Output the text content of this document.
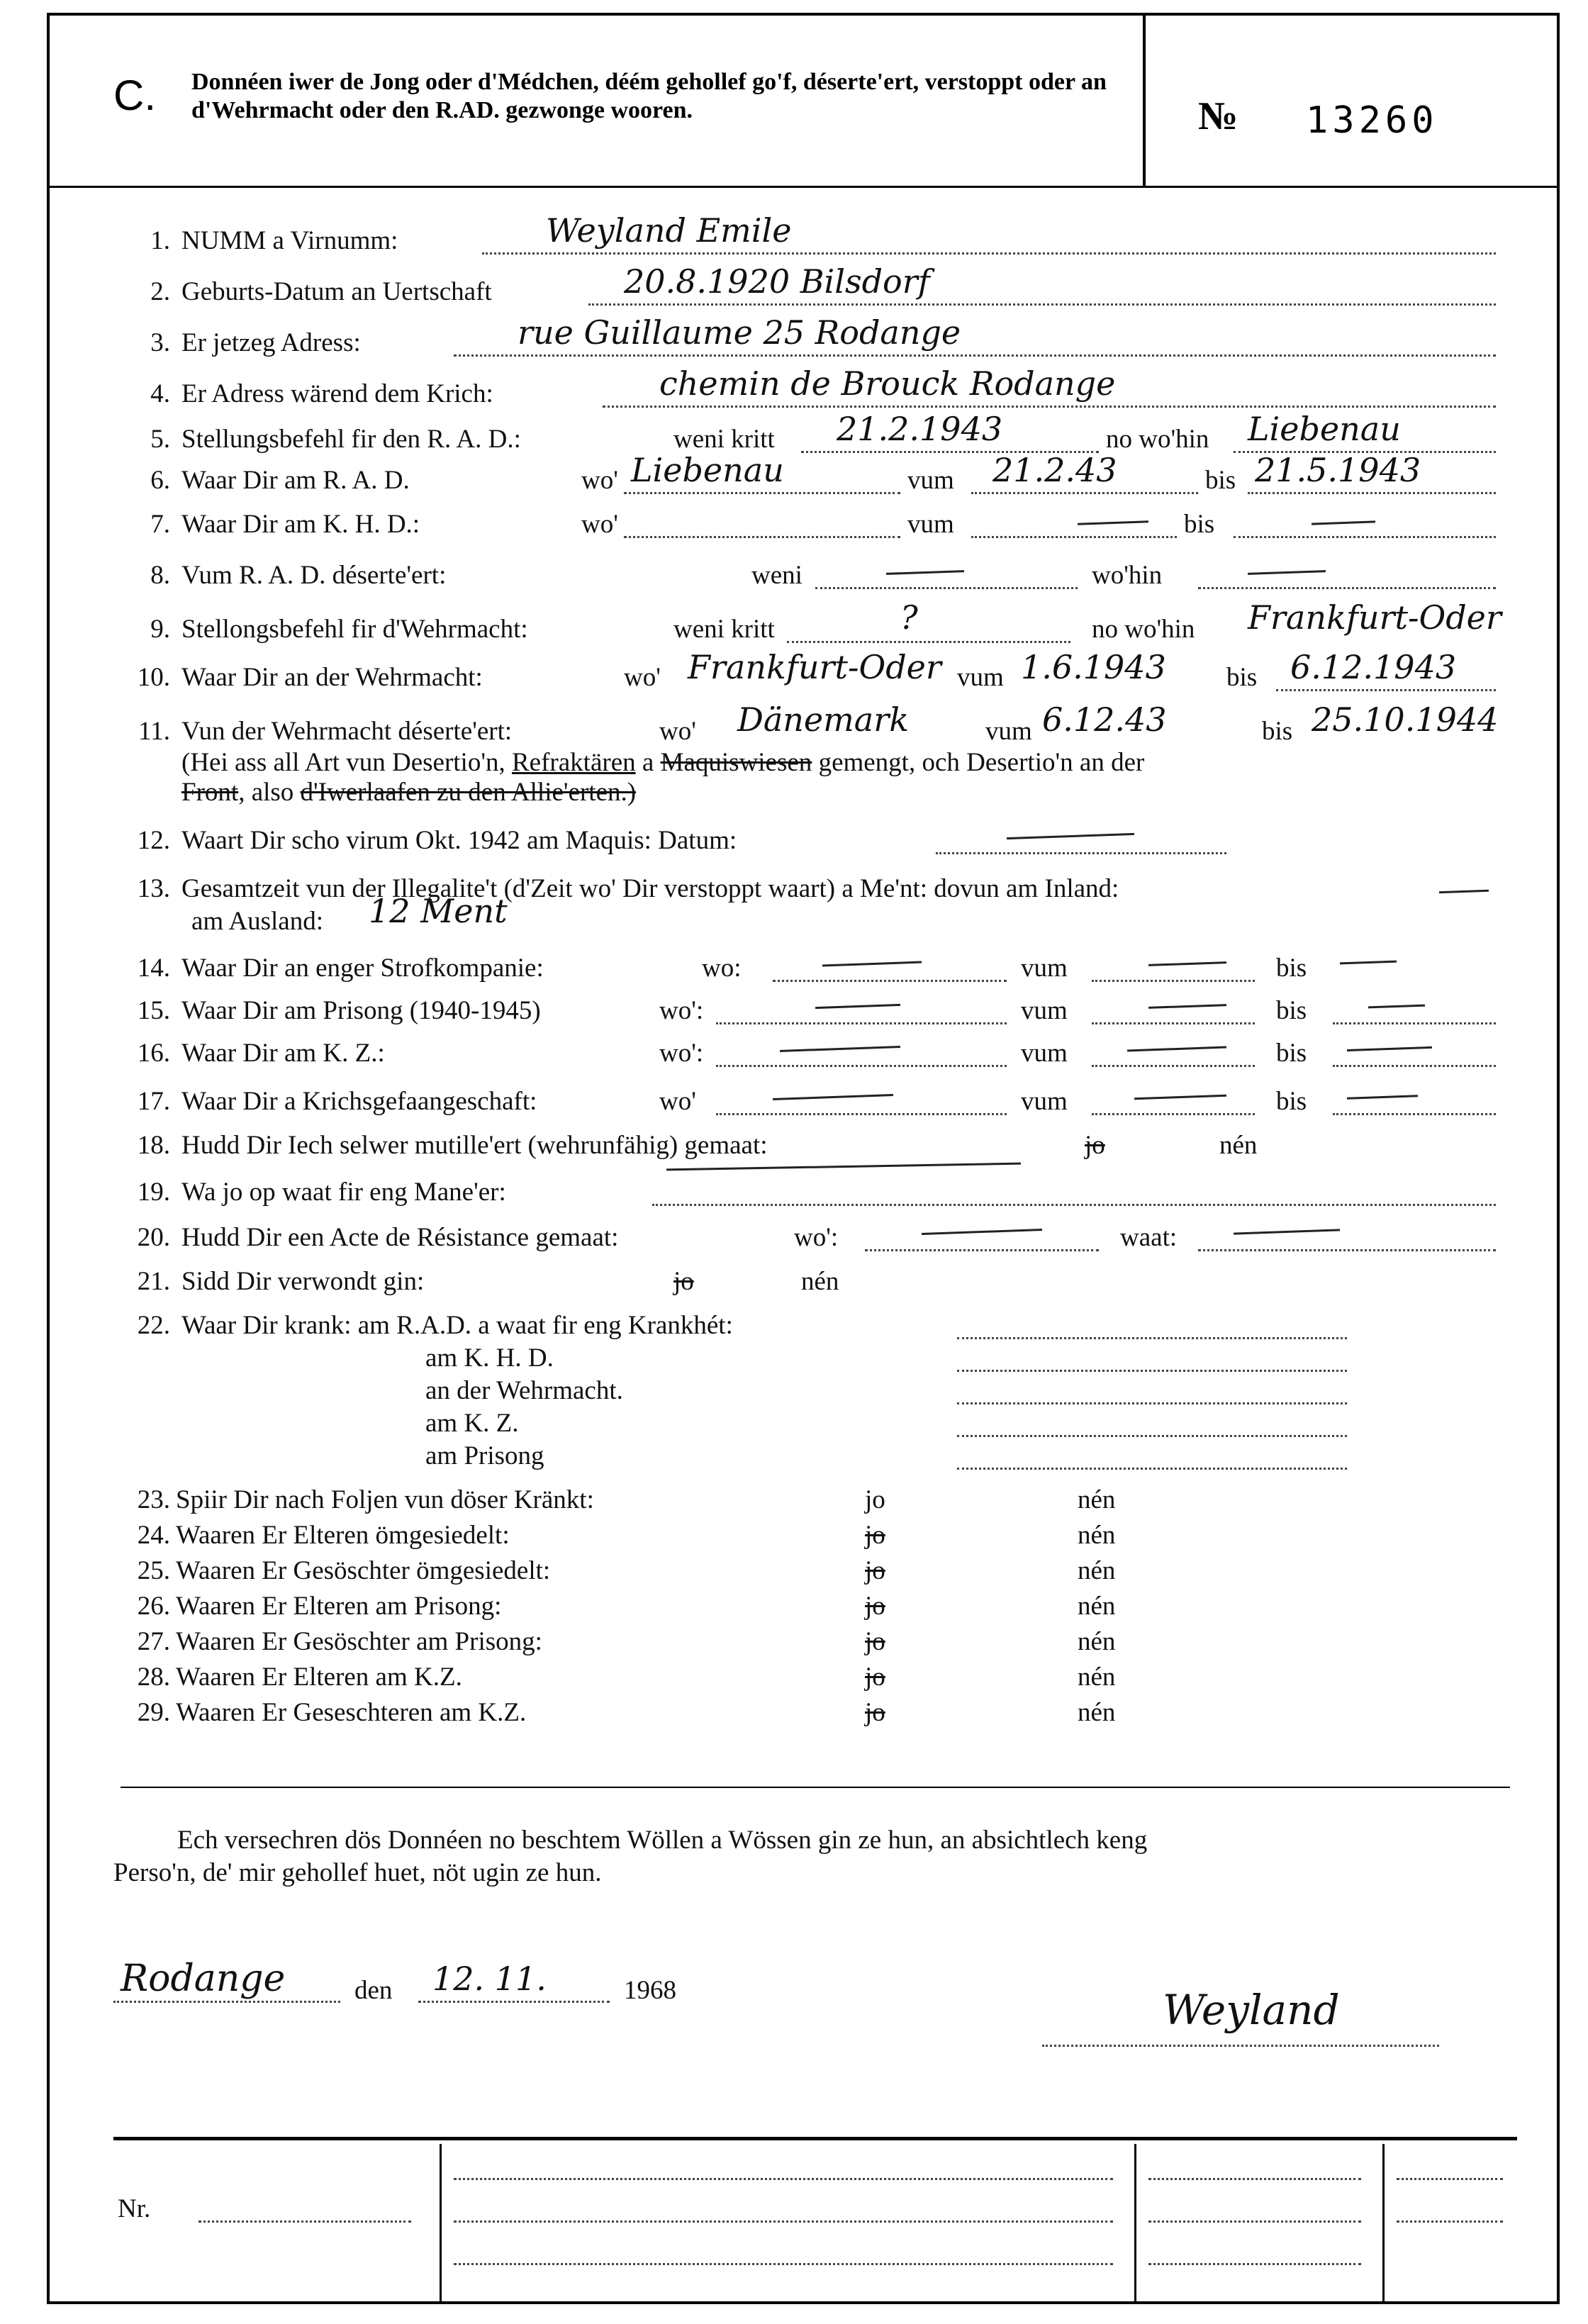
C. Donnéen iwer de Jong oder d'Médchen, déém gehollef go'f, déserte'ert, verstoppt oder an d'Wehrmacht oder den R.AD. gezwonge wooren.	№ 13260
1. NUMM a Virnumm:	Weyland Emile
2. Geburts-Datum an Uertschaft	20.8.1920 Bilsdorf
3. Er jetzeg Adress:	rue Guillaume 25 Rodange
4. Er Adress wärend dem Krich:	chemin de Brouck Rodange
5. Stellungsbefehl fir den R. A. D.:	weni kritt 21.2.1943	no wo'hin Liebenau
6. Waar Dir am R. A. D.	wo' Liebenau	vum 21.2.43	bis 21.5.1943
7. Waar Dir am K. H. D.:	wo'	vum	bis
8. Vum R. A. D. déserte'ert:	weni	wo'hin
9. Stellongsbefehl fir d'Wehrmacht:	weni kritt	?	no wo'hin Frankfurt-Oder
10. Waar Dir an der Wehrmacht:	wo' Frankfurt-Oder vum 1.6.1943 bis 6.12.1943
11. Vun der Wehrmacht déserte'ert:	wo' Dänemark	vum 6.12.43	bis 25.10.1944
(Hei ass all Art vun Desertio'n, Refraktären a Maquiswiesen gemengt, och Desertio'n an der
Front, also d'Iwerlaafen zu den Allie'erten.)
12. Waart Dir scho virum Okt. 1942 am Maquis: Datum:
13. Gesamtzeit vun der Illegalite't (d'Zeit wo' Dir verstoppt waart) a Me'nt: dovun am Inland:
am Ausland: 12 Ment
14. Waar Dir an enger Strofkompanie:	wo:	vum	bis
15. Waar Dir am Prisong (1940-1945)	wo':	vum	bis
16. Waar Dir am K. Z.:	wo':	vum	bis
17. Waar Dir a Krichsgefaangeschaft:	wo'	vum	bis
18. Hudd Dir Iech selwer mutille'ert (wehrunfähig) gemaat:	jo	nén
19. Wa jo op waat fir eng Mane'er:
20. Hudd Dir een Acte de Résistance gemaat:	wo':	waat:
21. Sidd Dir verwondt gin:	jo	nén
22. Waar Dir krank: am R.A.D. a waat fir eng Krankhét:
am K. H. D.
an der Wehrmacht.
am K. Z.
am Prisong
23. Spiir Dir nach Foljen vun döser Kränkt:	jo	nén
24. Waaren Er Elteren ömgesiedelt:	jo	nén
25. Waaren Er Gesöschter ömgesiedelt:	jo	nén
26. Waaren Er Elteren am Prisong:	jo	nén
27. Waaren Er Gesöschter am Prisong:	jo	nén
28. Waaren Er Elteren am K.Z.	jo	nén
29. Waaren Er Geseschteren am K.Z.	jo	nén
Ech versechren dös Donnéen no beschtem Wöllen a Wössen gin ze hun, an absichtlech keng
Perso'n, de' mir gehollef huet, nöt ugin ze hun.
Rodange	den 12. 11.	1968	Weyland
Nr.
